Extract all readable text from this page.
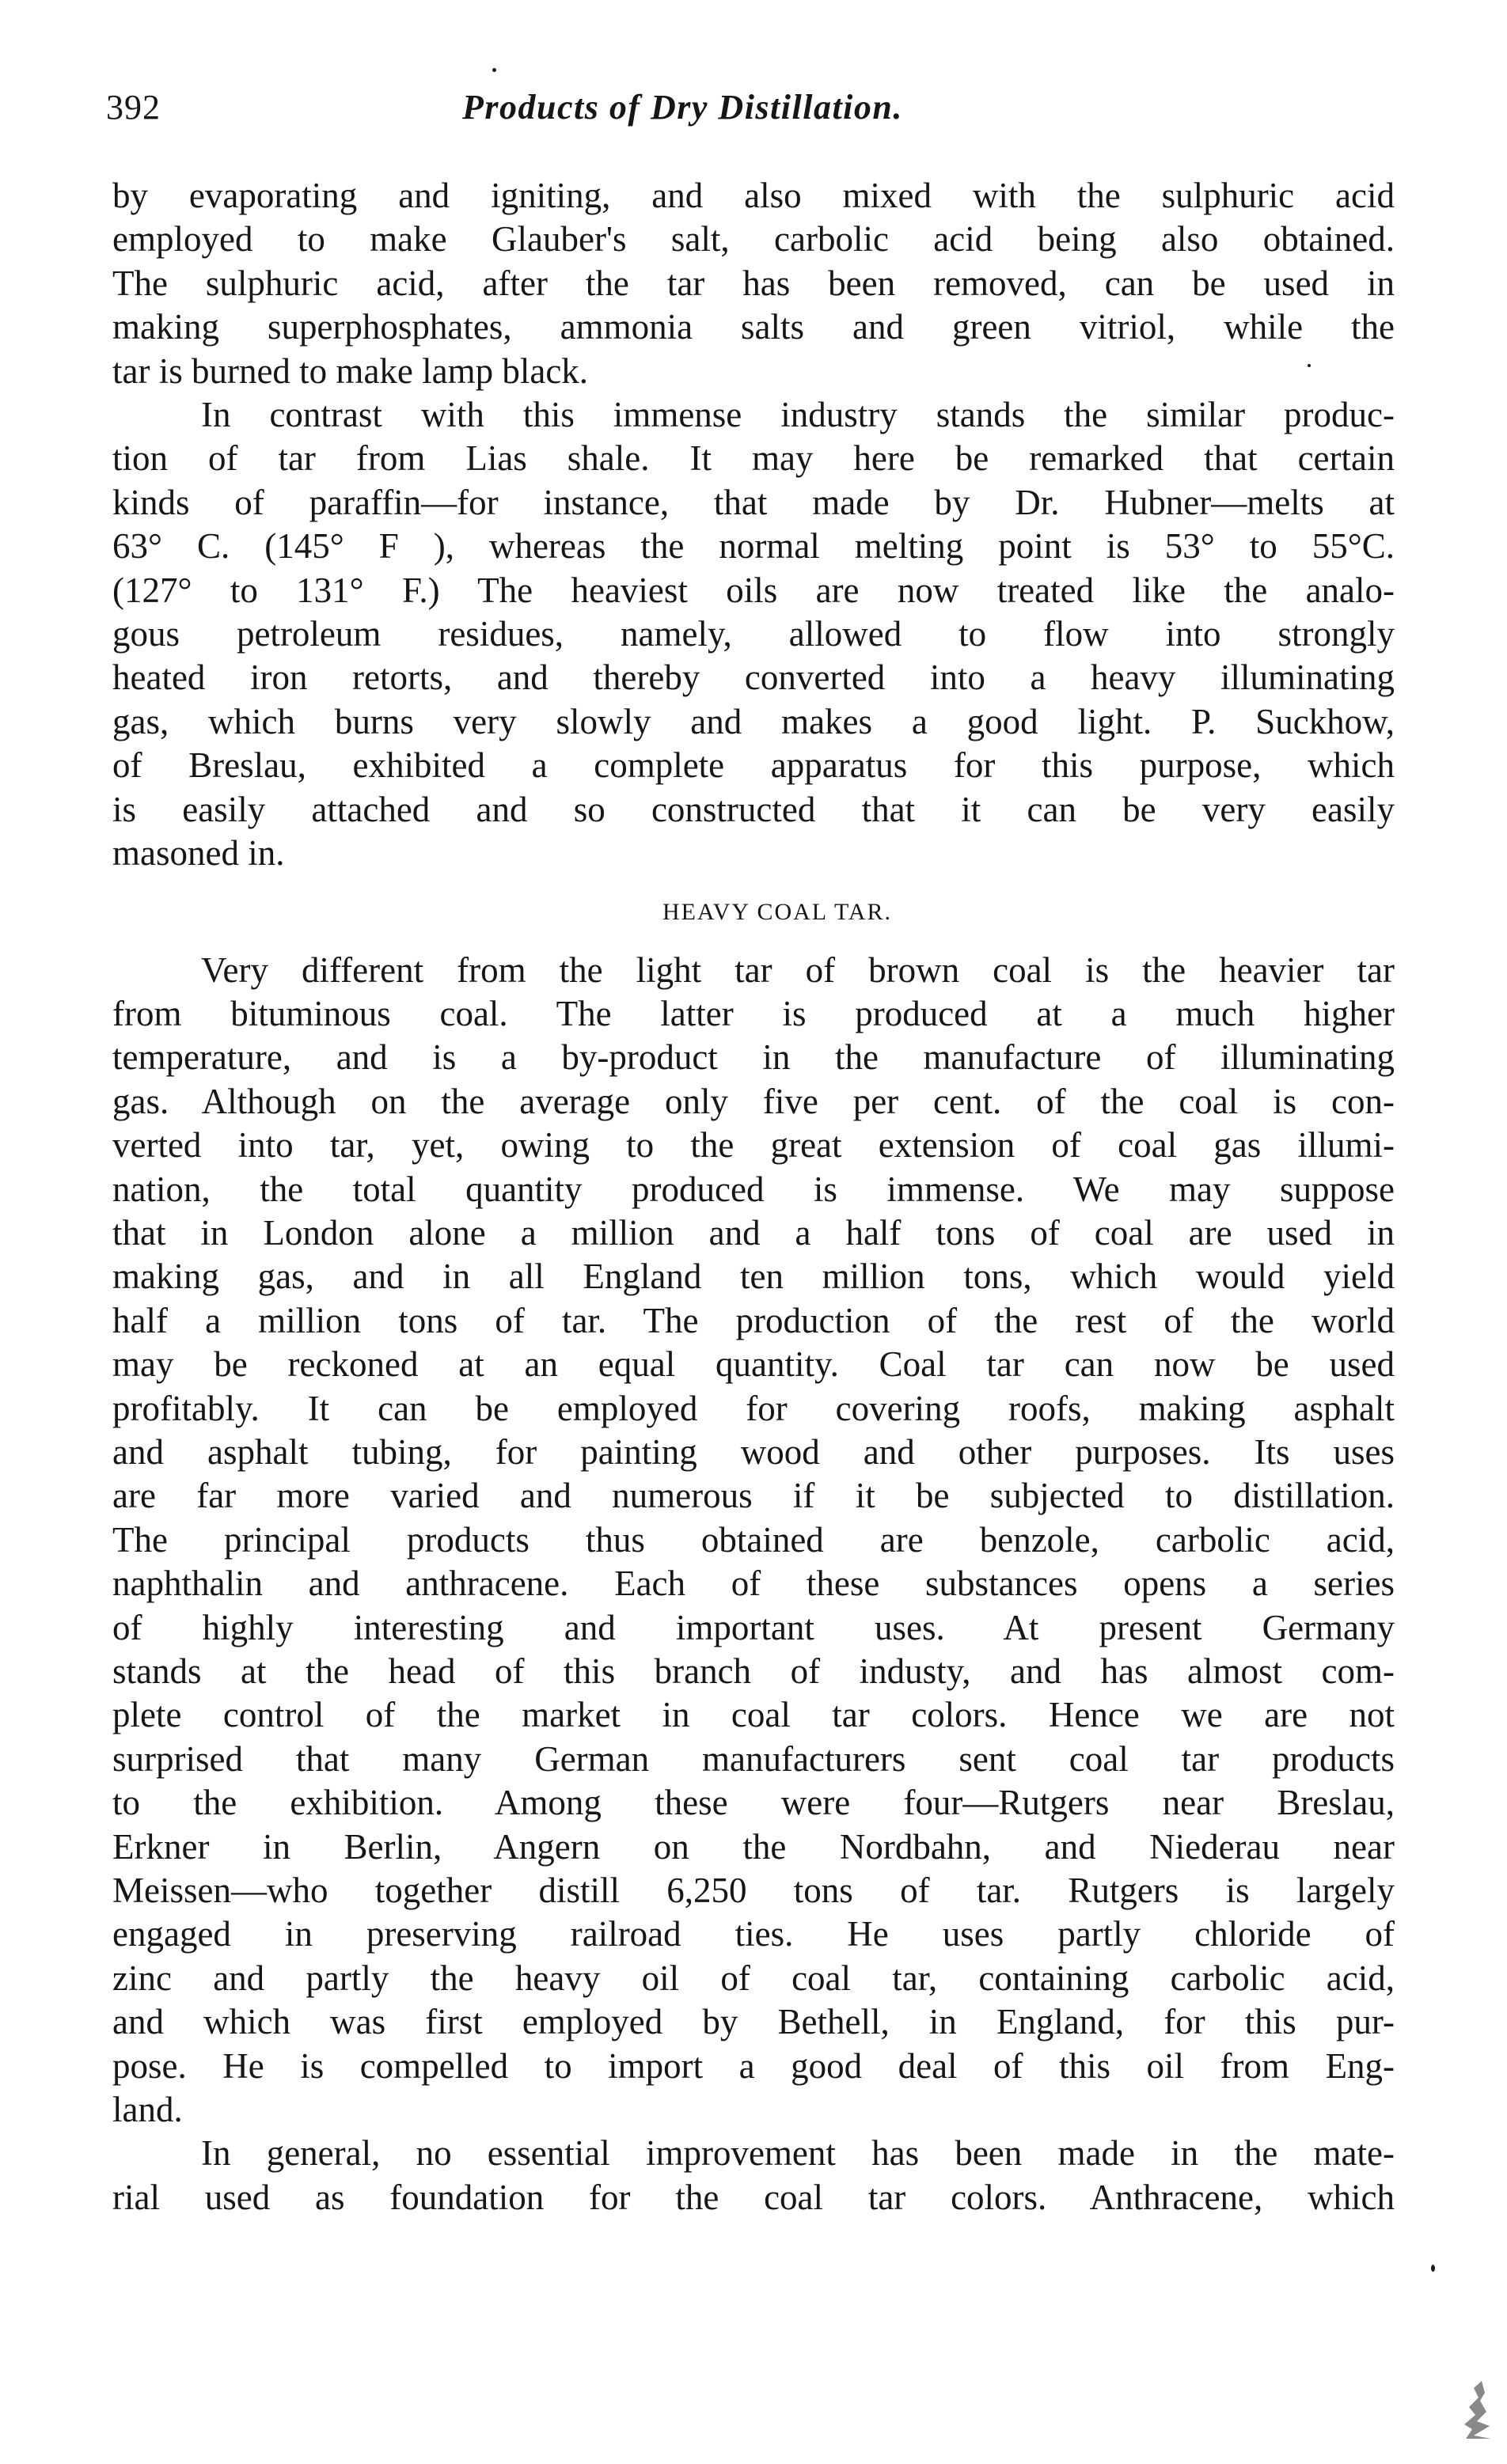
392	Products of Dry Distillation.
by evaporating and igniting, and also mixed with the sulphuric acid
employed to make Glauber's salt, carbolic acid being also obtained.
The sulphuric acid, after the tar has been removed, can be used in
making superphosphates, ammonia salts and green vitriol, while the
tar is burned to make lamp black.
In contrast with this immense industry stands the similar produc-
tion of tar from Lias shale. It may here be remarked that certain
kinds of paraffin—for instance, that made by Dr. Hubner—melts at
63° C. (145° F ), whereas the normal melting point is 53° to 55°C.
(127° to 131° F.) The heaviest oils are now treated like the analo-
gous petroleum residues, namely, allowed to flow into strongly
heated iron retorts, and thereby converted into a heavy illuminating
gas, which burns very slowly and makes a good light. P. Suckhow,
of Breslau, exhibited a complete apparatus for this purpose, which
is easily attached and so constructed that it can be very easily
masoned in.
HEAVY COAL TAR.
Very different from the light tar of brown coal is the heavier tar
from bituminous coal. The latter is produced at a much higher
temperature, and is a by-product in the manufacture of illuminating
gas. Although on the average only five per cent. of the coal is con-
verted into tar, yet, owing to the great extension of coal gas illumi-
nation, the total quantity produced is immense. We may suppose
that in London alone a million and a half tons of coal are used in
making gas, and in all England ten million tons, which would yield
half a million tons of tar. The production of the rest of the world
may be reckoned at an equal quantity. Coal tar can now be used
profitably. It can be employed for covering roofs, making asphalt
and asphalt tubing, for painting wood and other purposes. Its uses
are far more varied and numerous if it be subjected to distillation.
The principal products thus obtained are benzole, carbolic acid,
naphthalin and anthracene. Each of these substances opens a series
of highly interesting and important uses. At present Germany
stands at the head of this branch of industy, and has almost com-
plete control of the market in coal tar colors. Hence we are not
surprised that many German manufacturers sent coal tar products
to the exhibition. Among these were four—Rutgers near Breslau,
Erkner in Berlin, Angern on the Nordbahn, and Niederau near
Meissen—who together distill 6,250 tons of tar. Rutgers is largely
engaged in preserving railroad ties. He uses partly chloride of
zinc and partly the heavy oil of coal tar, containing carbolic acid,
and which was first employed by Bethell, in England, for this pur-
pose. He is compelled to import a good deal of this oil from Eng-
land.
In general, no essential improvement has been made in the mate-
rial used as foundation for the coal tar colors. Anthracene, which
